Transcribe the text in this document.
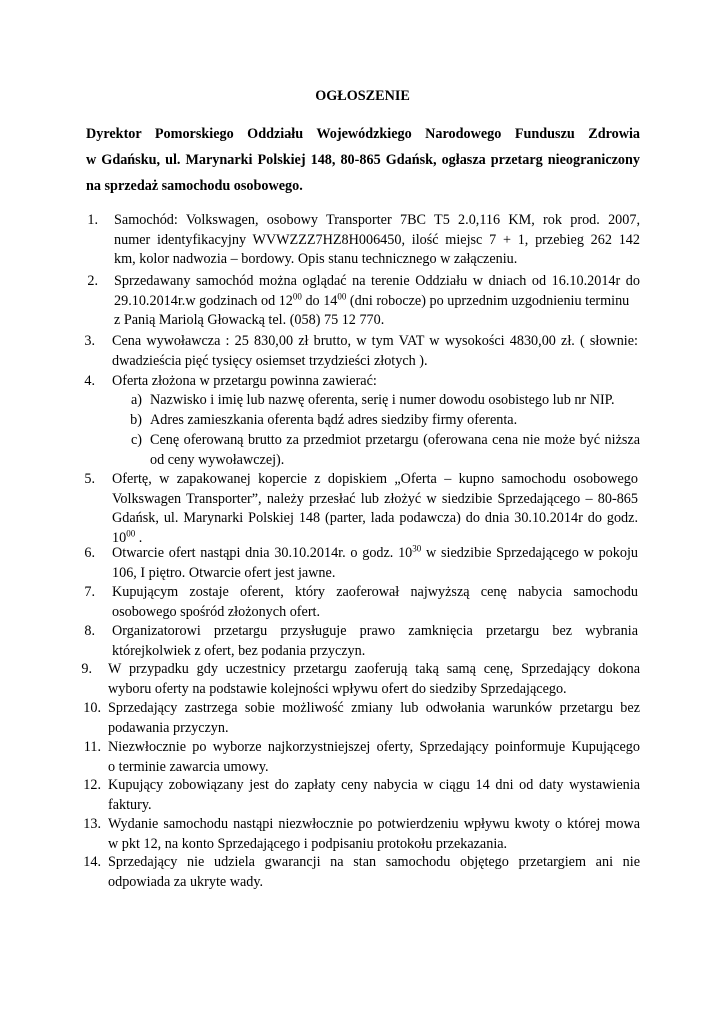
OGŁOSZENIE
Dyrektor Pomorskiego Oddziału Wojewódzkiego Narodowego Funduszu Zdrowia
w Gdańsku, ul. Marynarki Polskiej 148, 80-865 Gdańsk, ogłasza przetarg nieograniczony
na sprzedaż samochodu osobowego.
1. Samochód: Volkswagen, osobowy Transporter 7BC T5 2.0,116 KM, rok prod. 2007,
numer identyfikacyjny WVWZZZ7HZ8H006450, ilość miejsc 7 + 1, przebieg 262 142
km, kolor nadwozia – bordowy. Opis stanu technicznego w załączeniu.
2. Sprzedawany samochód można oglądać na terenie Oddziału w dniach od 16.10.2014r do
29.10.2014r.w godzinach od $12^{00}$ do $14^{00}$ (dni robocze) po uprzednim uzgodnieniu terminu
z Panią Mariolą Głowacką tel. (058) 75 12 770.
3. Cena wywoławcza : 25 830,00 zł brutto, w tym VAT w wysokości 4830,00 zł. ( słownie:
dwadzieścia pięć tysięcy osiemset trzydzieści złotych ).
4. Oferta złożona w przetargu powinna zawierać:
a) Nazwisko i imię lub nazwę oferenta, serię i numer dowodu osobistego lub nr NIP.
b) Adres zamieszkania oferenta bądź adres siedziby firmy oferenta.
c) Cenę oferowaną brutto za przedmiot przetargu (oferowana cena nie może być niższa
od ceny wywoławczej).
5. Ofertę, w zapakowanej kopercie z dopiskiem „Oferta – kupno samochodu osobowego
Volkswagen Transporter”, należy przesłać lub złożyć w siedzibie Sprzedającego – 80-865
Gdańsk, ul. Marynarki Polskiej 148 (parter, lada podawcza) do dnia 30.10.2014r do godz.
$10^{00}$ .
6. Otwarcie ofert nastąpi dnia 30.10.2014r. o godz. $10^{30}$ w siedzibie Sprzedającego w pokoju
106, I piętro. Otwarcie ofert jest jawne.
7. Kupującym zostaje oferent, który zaoferował najwyższą cenę nabycia samochodu
osobowego spośród złożonych ofert.
8. Organizatorowi przetargu przysługuje prawo zamknięcia przetargu bez wybrania
którejkolwiek z ofert, bez podania przyczyn.
9. W przypadku gdy uczestnicy przetargu zaoferują taką samą cenę, Sprzedający dokona
wyboru oferty na podstawie kolejności wpływu ofert do siedziby Sprzedającego.
10. Sprzedający zastrzega sobie możliwość zmiany lub odwołania warunków przetargu bez
podawania przyczyn.
11. Niezwłocznie po wyborze najkorzystniejszej oferty, Sprzedający poinformuje Kupującego
o terminie zawarcia umowy.
12. Kupujący zobowiązany jest do zapłaty ceny nabycia w ciągu 14 dni od daty wystawienia
faktury.
13. Wydanie samochodu nastąpi niezwłocznie po potwierdzeniu wpływu kwoty o której mowa
w pkt 12, na konto Sprzedającego i podpisaniu protokołu przekazania.
14. Sprzedający nie udziela gwarancji na stan samochodu objętego przetargiem ani nie
odpowiada za ukryte wady.
